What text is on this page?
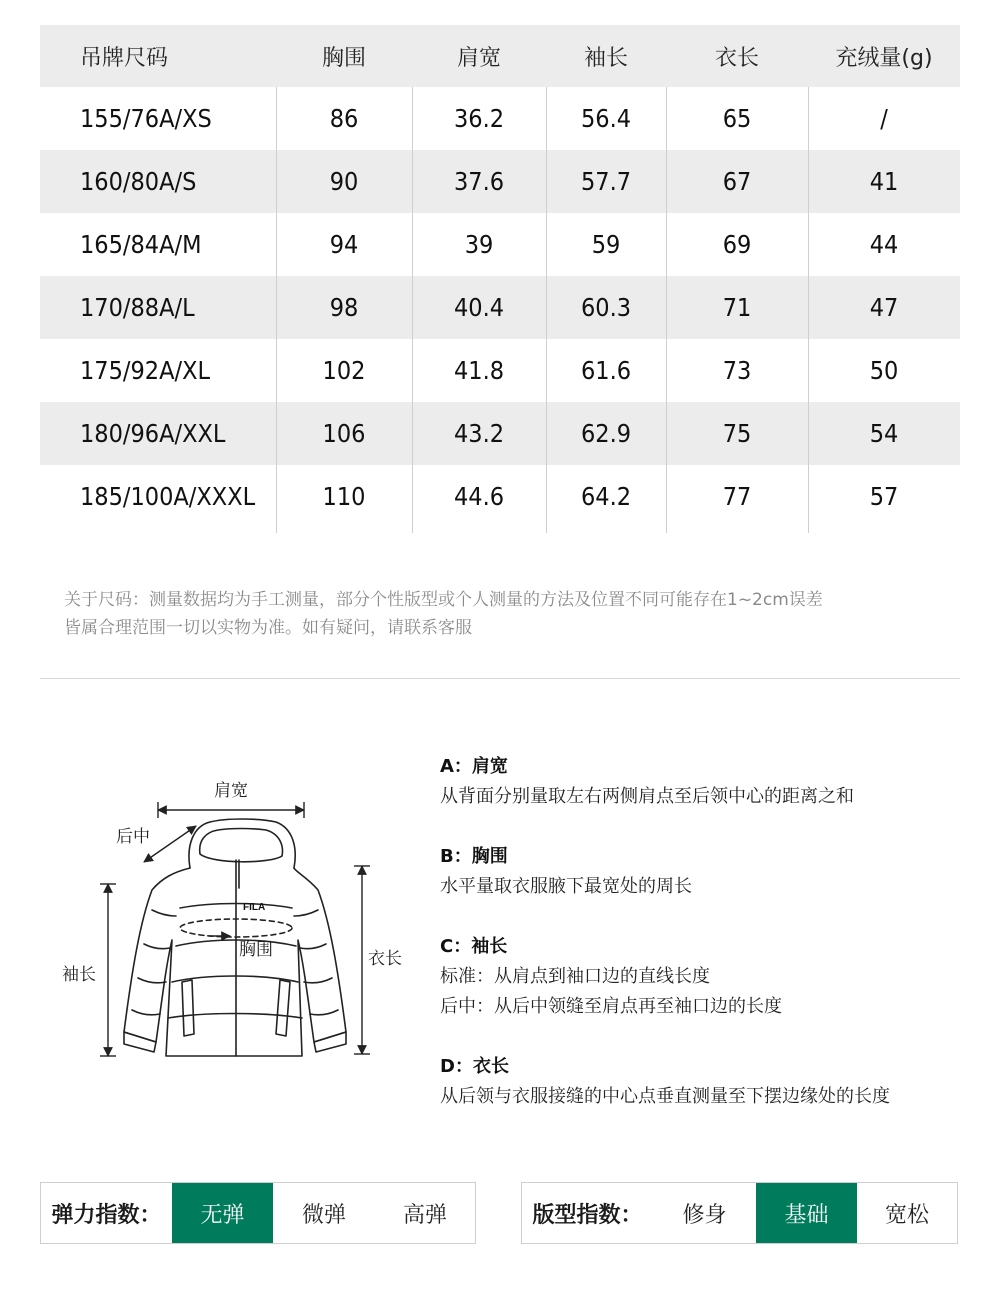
吊牌尺码	胸围	肩宽	袖长	衣长	充绒量(g)
155/76A/XS	86	36.2	56.4	65	/
160/80A/S	90	37.6	57.7	67	41
165/84A/M	94	39	59	69	44
170/88A/L	98	40.4	60.3	71	47
175/92A/XL	102	41.8	61.6	73	50
180/96A/XXL	106	43.2	62.9	75	54
185/100A/XXXL	110	44.6	64.2	77	57
关于尺码：测量数据均为手工测量，部分个性版型或个人测量的方法及位置不同可能存在1~2cm误差
皆属合理范围一切以实物为准。如有疑问，请联系客服
FILA
肩宽
后中
胸围
袖长
衣长
A：肩宽
从背面分别量取左右两侧肩点至后领中心的距离之和
B：胸围
水平量取衣服腋下最宽处的周长
C：袖长
标准：从肩点到袖口边的直线长度
后中：从后中领缝至肩点再至袖口边的长度
D：衣长
从后领与衣服接缝的中心点垂直测量至下摆边缘处的长度
弹力指数：	无弹	微弹	高弹	版型指数：	修身	基础	宽松
